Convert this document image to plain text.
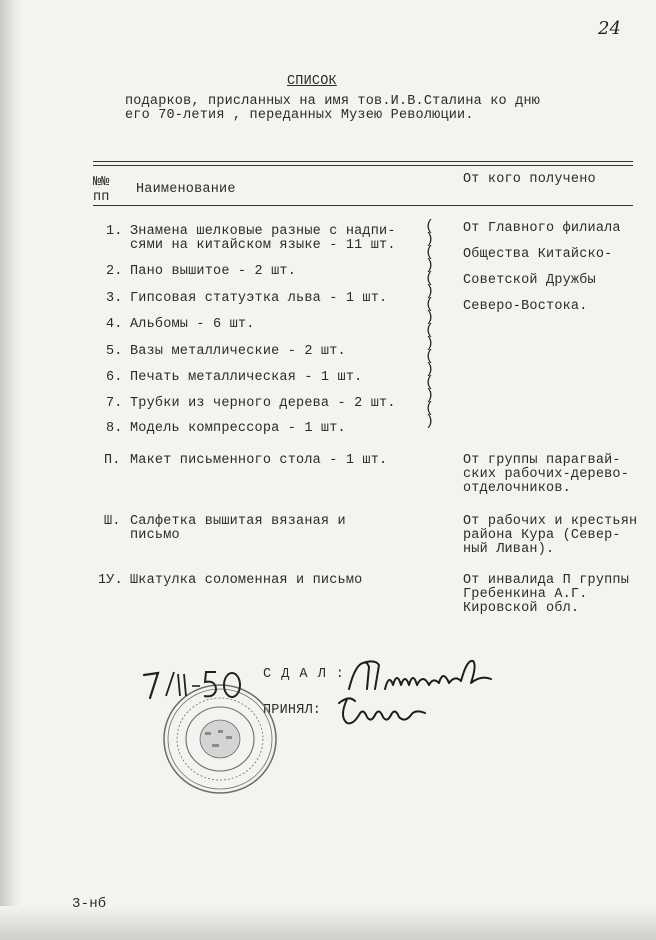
24
СПИСОК
подарков, присланных на имя тов.И.В.Сталина ко дню
его 70-летия , переданных Музею Революции.
№№
пп
Наименование
От кого получено
1. Знамена шелковые разные с надпи-
сями на китайском языке - 11 шт.
2. Пано вышитое - 2 шт.
3. Гипсовая статуэтка льва - 1 шт.
4. Альбомы - 6 шт.
5. Вазы металлические - 2 шт.
6. Печать металлическая - 1 шт.
7. Трубки из черного дерева - 2 шт.
8. Модель компрессора - 1 шт.
(
)
(
)
(
)
(
)
(
)
(
)
(
)
(
)
От Главного филиала
Общества Китайско-
Советской Дружбы
Северо-Востока.
П. Макет письменного стола - 1 шт.	От группы парагвай-
ских рабочих-дерево-
отделочников.
Ш. Салфетка вышитая вязаная и
письмо
От рабочих и крестьян
района Кура (Север-
ный Ливан).
1У. Шкатулка соломенная и письмо	От инвалида П группы
Гребенкина А.Г.
Кировской обл.
С Д А Л :
ПРИНЯЛ:
3-нб
